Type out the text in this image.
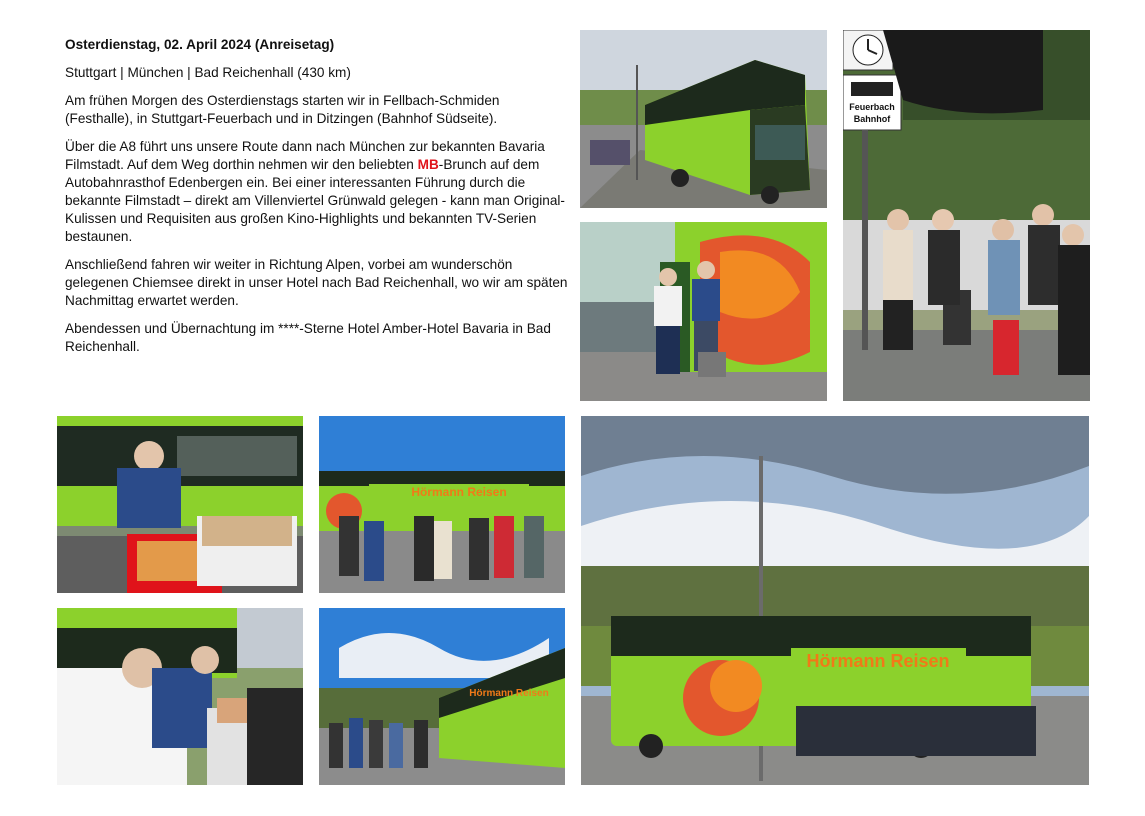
Osterdienstag, 02. April 2024 (Anreisetag)

Stuttgart | München | Bad Reichenhall (430 km)

Am frühen Morgen des Osterdienstags starten wir in Fellbach-Schmiden (Festhalle), in Stuttgart-Feuerbach und in Ditzingen (Bahnhof Südseite).

Über die A8 führt uns unsere Route dann nach München zur bekannten Bavaria Filmstadt. Auf dem Weg dorthin nehmen wir den beliebten MB-Brunch auf dem Autobahnrasthof Edenbergen ein. Bei einer interessanten Führung durch die bekannte Filmstadt – direkt am Villenviertel Grünwald gelegen - kann man Original-Kulissen und Requisiten aus großen Kino-Highlights und bekannten TV-Serien bestaunen.

Anschließend fahren wir weiter in Richtung Alpen, vorbei am wunderschön gelegenen Chiemsee direkt in unser Hotel nach Bad Reichenhall, wo wir am späten Nachmittag erwartet werden.

Abendessen und Übernachtung im ****-Sterne Hotel Amber-Hotel Bavaria in Bad Reichenhall.

Feuerbach
Bahnhof
Hörmann Reisen
Hörmann Reisen
Hörmann Reisen
